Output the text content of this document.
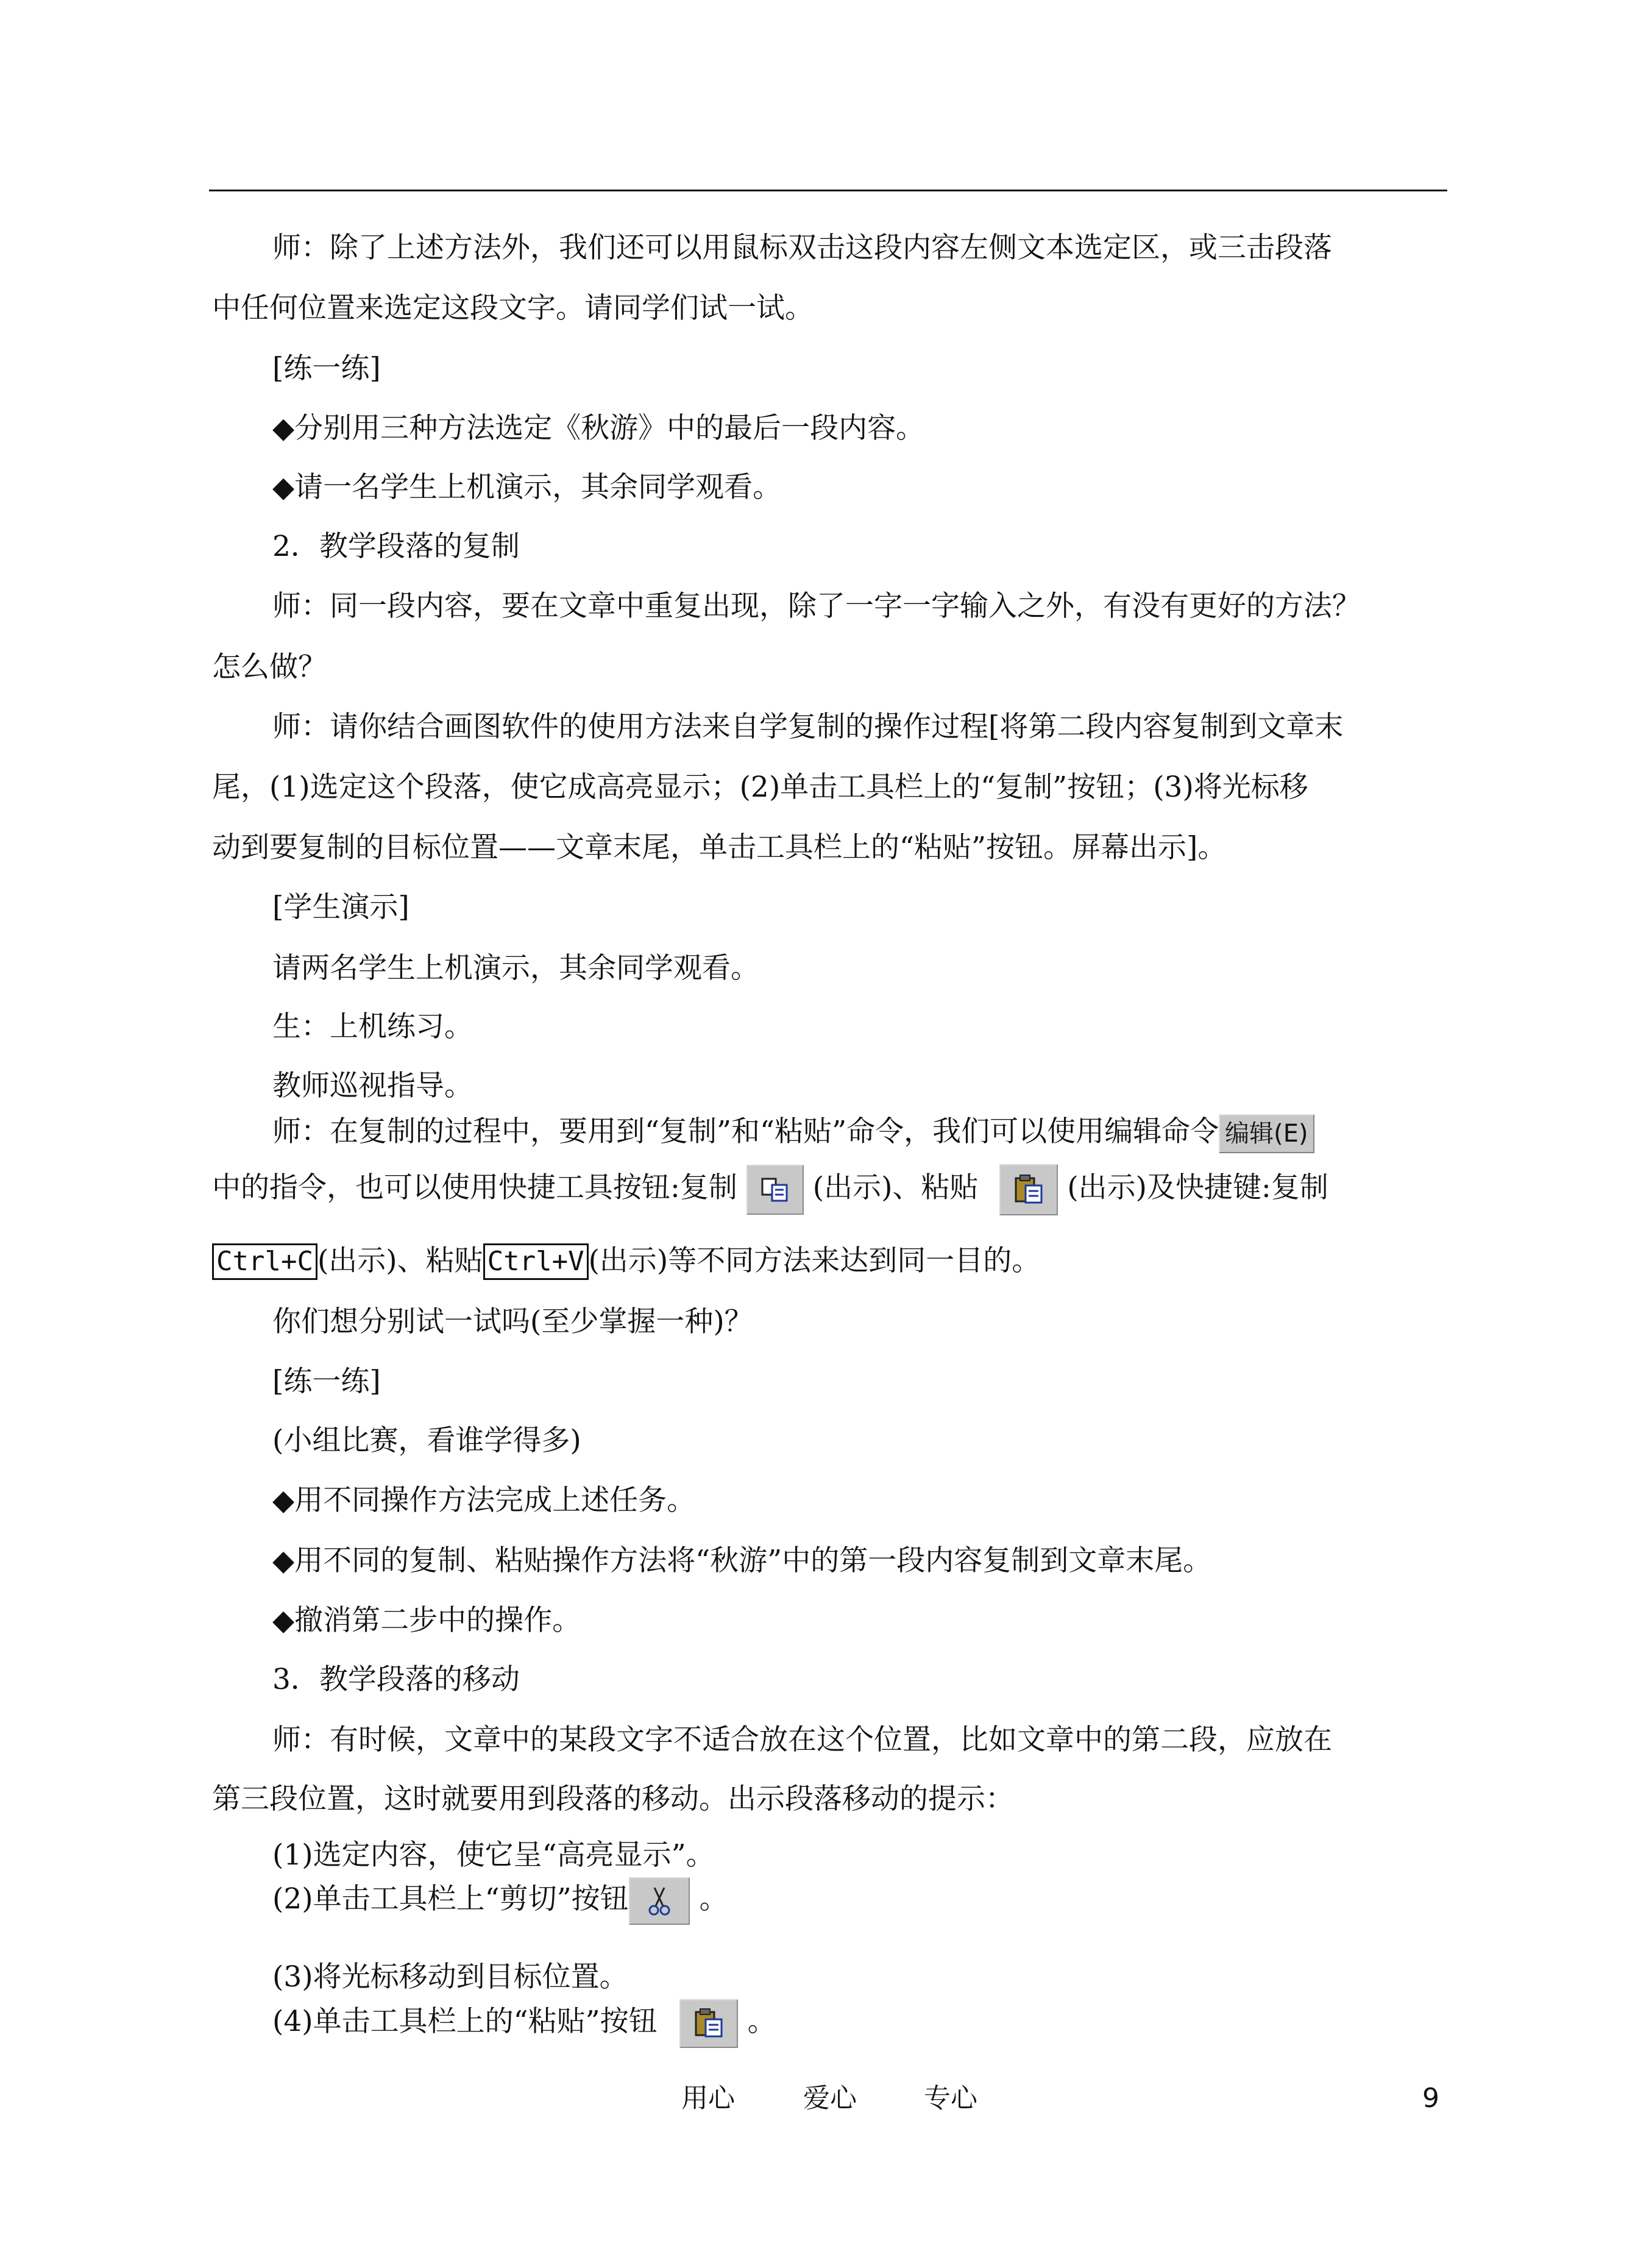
师：除了上述方法外，我们还可以用鼠标双击这段内容左侧文本选定区，或三击段落
中任何位置来选定这段文字。请同学们试一试。
[练一练]
◆分别用三种方法选定《秋游》中的最后一段内容。
◆请一名学生上机演示，其余同学观看。
2．教学段落的复制
师：同一段内容，要在文章中重复出现，除了一字一字输入之外，有没有更好的方法？
怎么做？
师：请你结合画图软件的使用方法来自学复制的操作过程[将第二段内容复制到文章末
尾，(1)选定这个段落，使它成高亮显示；(2)单击工具栏上的“复制”按钮；(3)将光标移
动到要复制的目标位置——文章末尾，单击工具栏上的“粘贴”按钮。屏幕出示]。
[学生演示]
请两名学生上机演示，其余同学观看。
生：上机练习。
教师巡视指导。
师：在复制的过程中，要用到“复制”和“粘贴”命令，我们可以使用编辑命令 编辑(E)
中的指令，也可以使用快捷工具按钮:复制	(出示)、粘贴	(出示)及快捷键:复制
Ctrl+C (出示)、粘贴 Ctrl+V (出示)等不同方法来达到同一目的。
你们想分别试一试吗(至少掌握一种)？
[练一练]
(小组比赛，看谁学得多)
◆用不同操作方法完成上述任务。
◆用不同的复制、粘贴操作方法将“秋游”中的第一段内容复制到文章末尾。
◆撤消第二步中的操作。
3．教学段落的移动
师：有时候，文章中的某段文字不适合放在这个位置，比如文章中的第二段，应放在
第三段位置，这时就要用到段落的移动。出示段落移动的提示：
(1)选定内容，使它呈“高亮显示”。
(2)单击工具栏上“剪切”按钮 。
(3)将光标移动到目标位置。
(4)单击工具栏上的“粘贴”按钮	。
用心	爱心	专心	9
